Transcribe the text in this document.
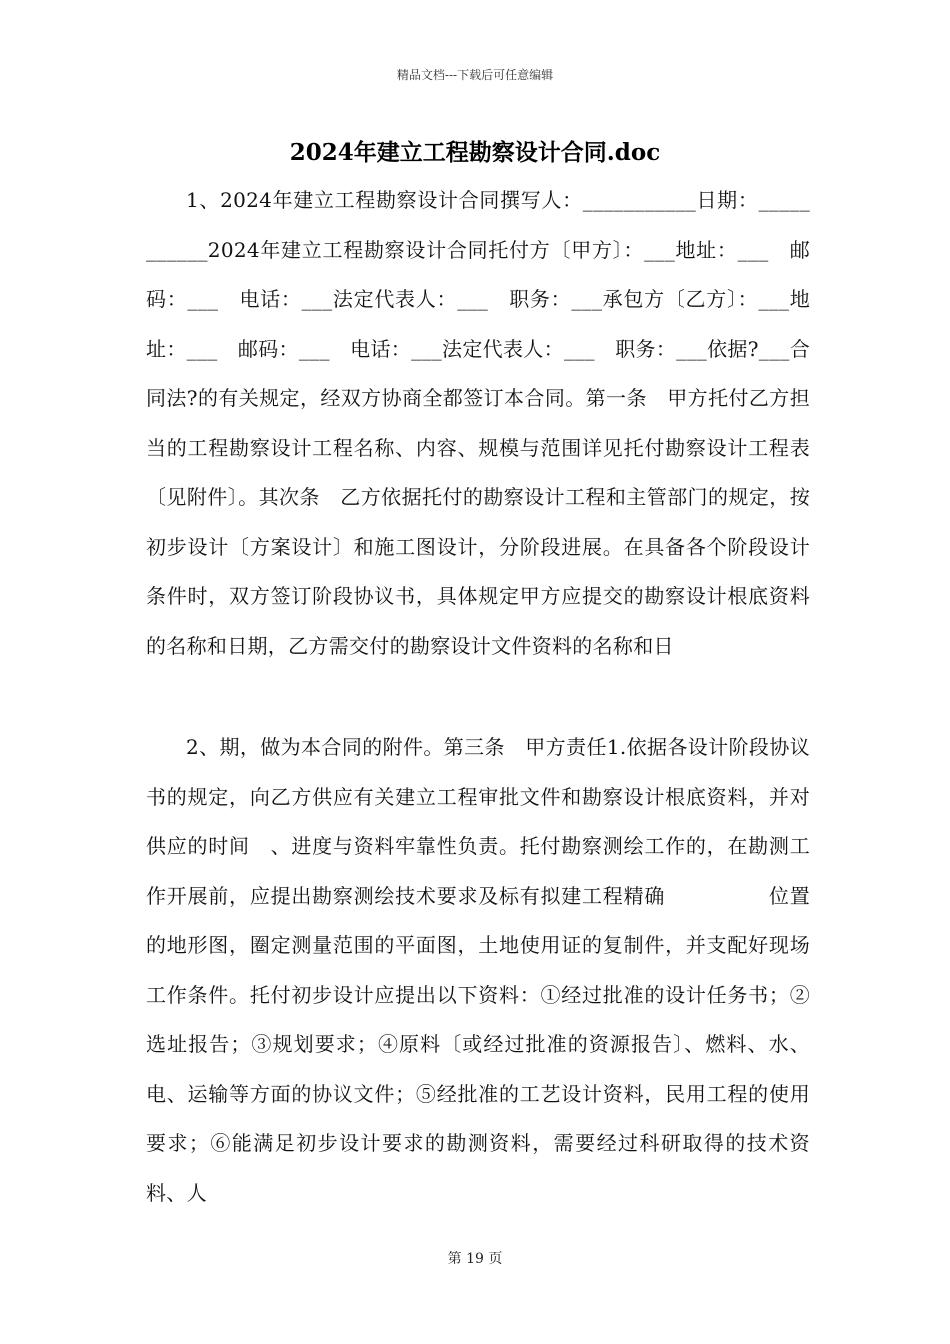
精品文档---下载后可任意编辑
2024年建立工程勘察设计合同.doc

1、2024年建立工程勘察设计合同撰写人：___________日期：___________2024年建立工程勘察设计合同托付方〔甲方〕：___地址：___　邮码：___　电话：___法定代表人：___　职务：___承包方〔乙方〕：___地　址：___　邮码：___　电话：___法定代表人：___　职务：___依据?___合同法?的有关规定，经双方协商全都签订本合同。第一条　甲方托付乙方担当的工程勘察设计工程名称、内容、规模与范围详见托付勘察设计工程表〔见附件〕。其次条　乙方依据托付的勘察设计工程和主管部门的规定，按初步设计〔方案设计〕和施工图设计，分阶段进展。在具备各个阶段设计条件时，双方签订阶段协议书，具体规定甲方应提交的勘察设计根底资料的名称和日期，乙方需交付的勘察设计文件资料的名称和日

2、期，做为本合同的附件。第三条　甲方责任1.依据各设计阶段协议书的规定，向乙方供应有关建立工程审批文件和勘察设计根底资料，并对供应的时间　、进度与资料牢靠性负责。托付勘察测绘工作的，在勘测工作开展前，应提出勘察测绘技术要求及标有拟建工程精确　　　　　位置的地形图，圈定测量范围的平面图，土地使用证的复制件，并支配好现场工作条件。托付初步设计应提出以下资料：①经过批准的设计任务书；②选址报告；③规划要求；④原料〔或经过批准的资源报告〕、燃料、水、电、运输等方面的协议文件；⑤经批准的工艺设计资料，民用工程的使用要求；⑥能满足初步设计要求的勘测资料，需要经过科研取得的技术资料、人

第 19 页
